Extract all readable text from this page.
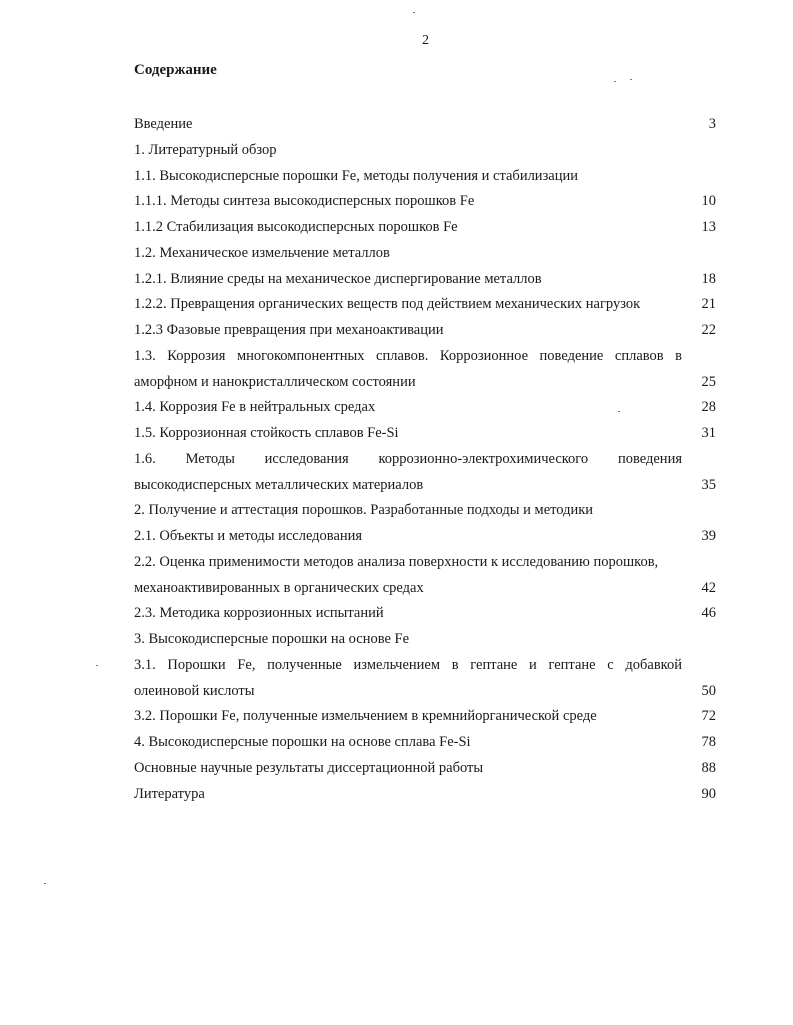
2
Содержание
Введение	3
1. Литературный обзор
1.1. Высокодисперсные порошки Fe, методы получения и стабилизации
1.1.1. Методы синтеза высокодисперсных порошков Fe	10
1.1.2 Стабилизация высокодисперсных порошков Fe	13
1.2. Механическое измельчение металлов
1.2.1. Влияние среды на механическое диспергирование металлов	18
1.2.2. Превращения органических веществ под действием механических нагрузок	21
1.2.3 Фазовые превращения при механоактивации	22
1.3. Коррозия многокомпонентных сплавов. Коррозионное поведение сплавов в
аморфном и нанокристаллическом состоянии	25
1.4. Коррозия Fe в нейтральных средах	28
1.5. Коррозионная стойкость сплавов Fe-Si	31
1.6. Методы исследования коррозионно-электрохимического поведения
высокодисперсных металлических материалов	35
2. Получение и аттестация порошков. Разработанные подходы и методики
2.1. Объекты и методы исследования	39
2.2. Оценка применимости методов анализа поверхности к исследованию порошков,
механоактивированных в органических средах	42
2.3. Методика коррозионных испытаний	46
3. Высокодисперсные порошки на основе Fe
3.1. Порошки Fe, полученные измельчением в гептане и гептане с добавкой
олеиновой кислоты	50
3.2. Порошки Fe, полученные измельчением в кремнийорганической среде	72
4. Высокодисперсные порошки на основе сплава Fe-Si	78
Основные научные результаты диссертационной работы	88
Литература	90
